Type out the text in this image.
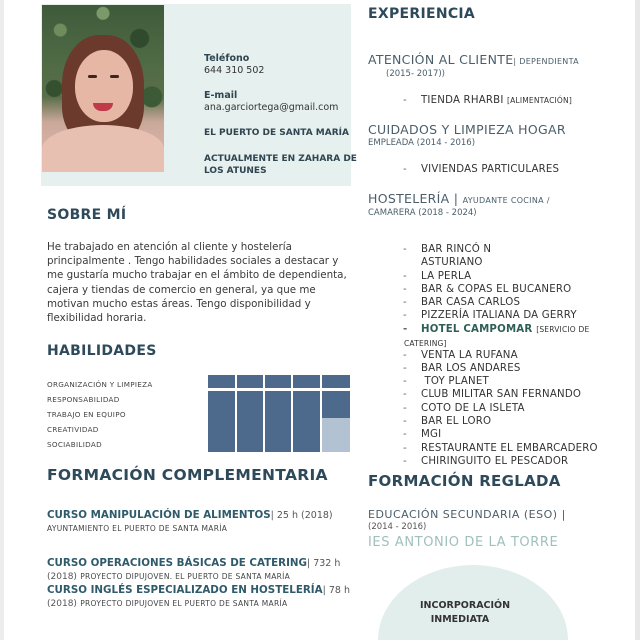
Teléfono
644 310 502
E-mail
ana.garciortega@gmail.com
EL PUERTO DE SANTA MARÍA
ACTUALMENTE EN ZAHARA DE
LOS ATUNES
SOBRE MÍ
He trabajado en atención al cliente y hostelería principalmente . Tengo habilidades sociales a destacar y me gustaría mucho trabajar en el ámbito de dependienta, cajera y tiendas de comercio en general, ya que me motivan mucho estas áreas. Tengo disponibilidad y flexibilidad horaria.
HABILIDADES
ORGANIZACIÓN Y LIMPIEZA
RESPONSABILIDAD
TRABAJO EN EQUIPO
CREATIVIDAD
SOCIABILIDAD
FORMACIÓN COMPLEMENTARIA
CURSO MANIPULACIÓN DE ALIMENTOS| 25 h (2018)
AYUNTAMIENTO EL PUERTO DE SANTA MARÍA
CURSO OPERACIONES BÁSICAS DE CATERING| 732 h
(2018) PROYECTO DIPUJOVEN. EL PUERTO DE SANTA MARÍA
CURSO INGLÉS ESPECIALIZADO EN HOSTELERÍA| 78 h
(2018) PROYECTO DIPUJOVEN EL PUERTO DE SANTA MARÍA
EXPERIENCIA
ATENCIÓN AL CLIENTE| DEPENDIENTA
(2015- 2017))
- TIENDA RHARBI [ALIMENTACIÓN]
CUIDADOS Y LIMPIEZA HOGAR
EMPLEADA (2014 - 2016)
- VIVIENDAS PARTICULARES
HOSTELERÍA | AYUDANTE COCINA /
CAMARERA (2018 - 2024)
- BAR RINCÓ N
ASTURIANO
- LA PERLA
- BAR & COPAS EL BUCANERO
- BAR CASA CARLOS
- PIZZERÍA ITALIANA DA GERRY
- HOTEL CAMPOMAR [SERVICIO DE
CATERING]
- VENTA LA RUFANA
- BAR LOS ANDARES
- TOY PLANET
- CLUB MILITAR SAN FERNANDO
- COTO DE LA ISLETA
- BAR EL LORO
- MGI
- RESTAURANTE EL EMBARCADERO
- CHIRINGUITO EL PESCADOR
FORMACIÓN REGLADA
EDUCACIÓN SECUNDARIA (ESO) |
(2014 - 2016)
IES ANTONIO DE LA TORRE
INCORPORACIÓN
INMEDIATA
